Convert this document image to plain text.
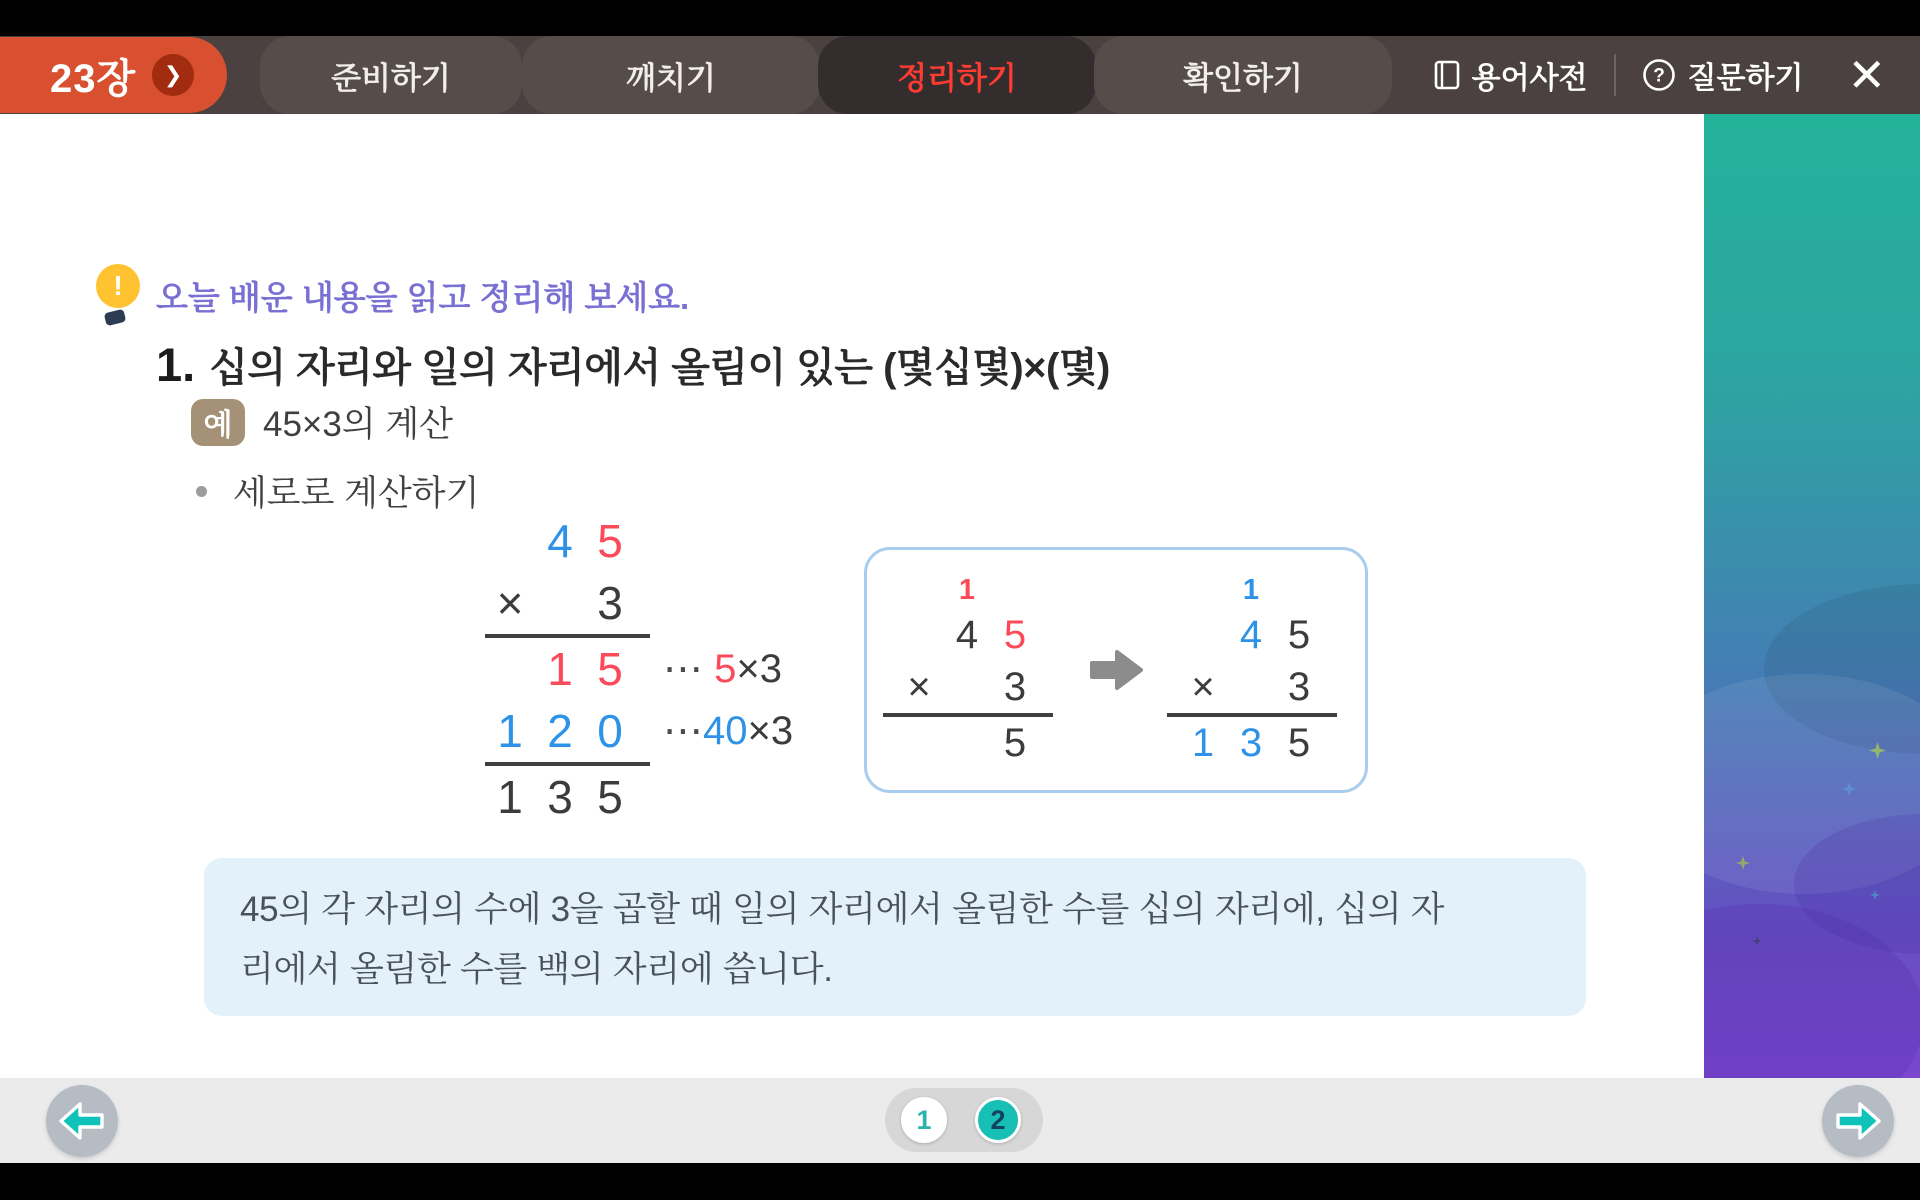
23장 ❯	준비하기	깨치기	정리하기	확인하기	용어사전	? 질문하기 ✕
! 오늘 배운 내용을 읽고 정리해 보세요.
1. 십의 자리와 일의 자리에서 올림이 있는 (몇십몇)×(몇)
예 45×3의 계산
세로로 계산하기
4 5
× 3
1 5	⋯ 5×3
1 2 0	⋯40×3
1 3 5
1
4 5
×	3
5
1
4 5
×	3
1 3 5
45의 각 자리의 수에 3을 곱할 때 일의 자리에서 올림한 수를 십의 자리에, 십의 자
리에서 올림한 수를 백의 자리에 씁니다.
1	2
